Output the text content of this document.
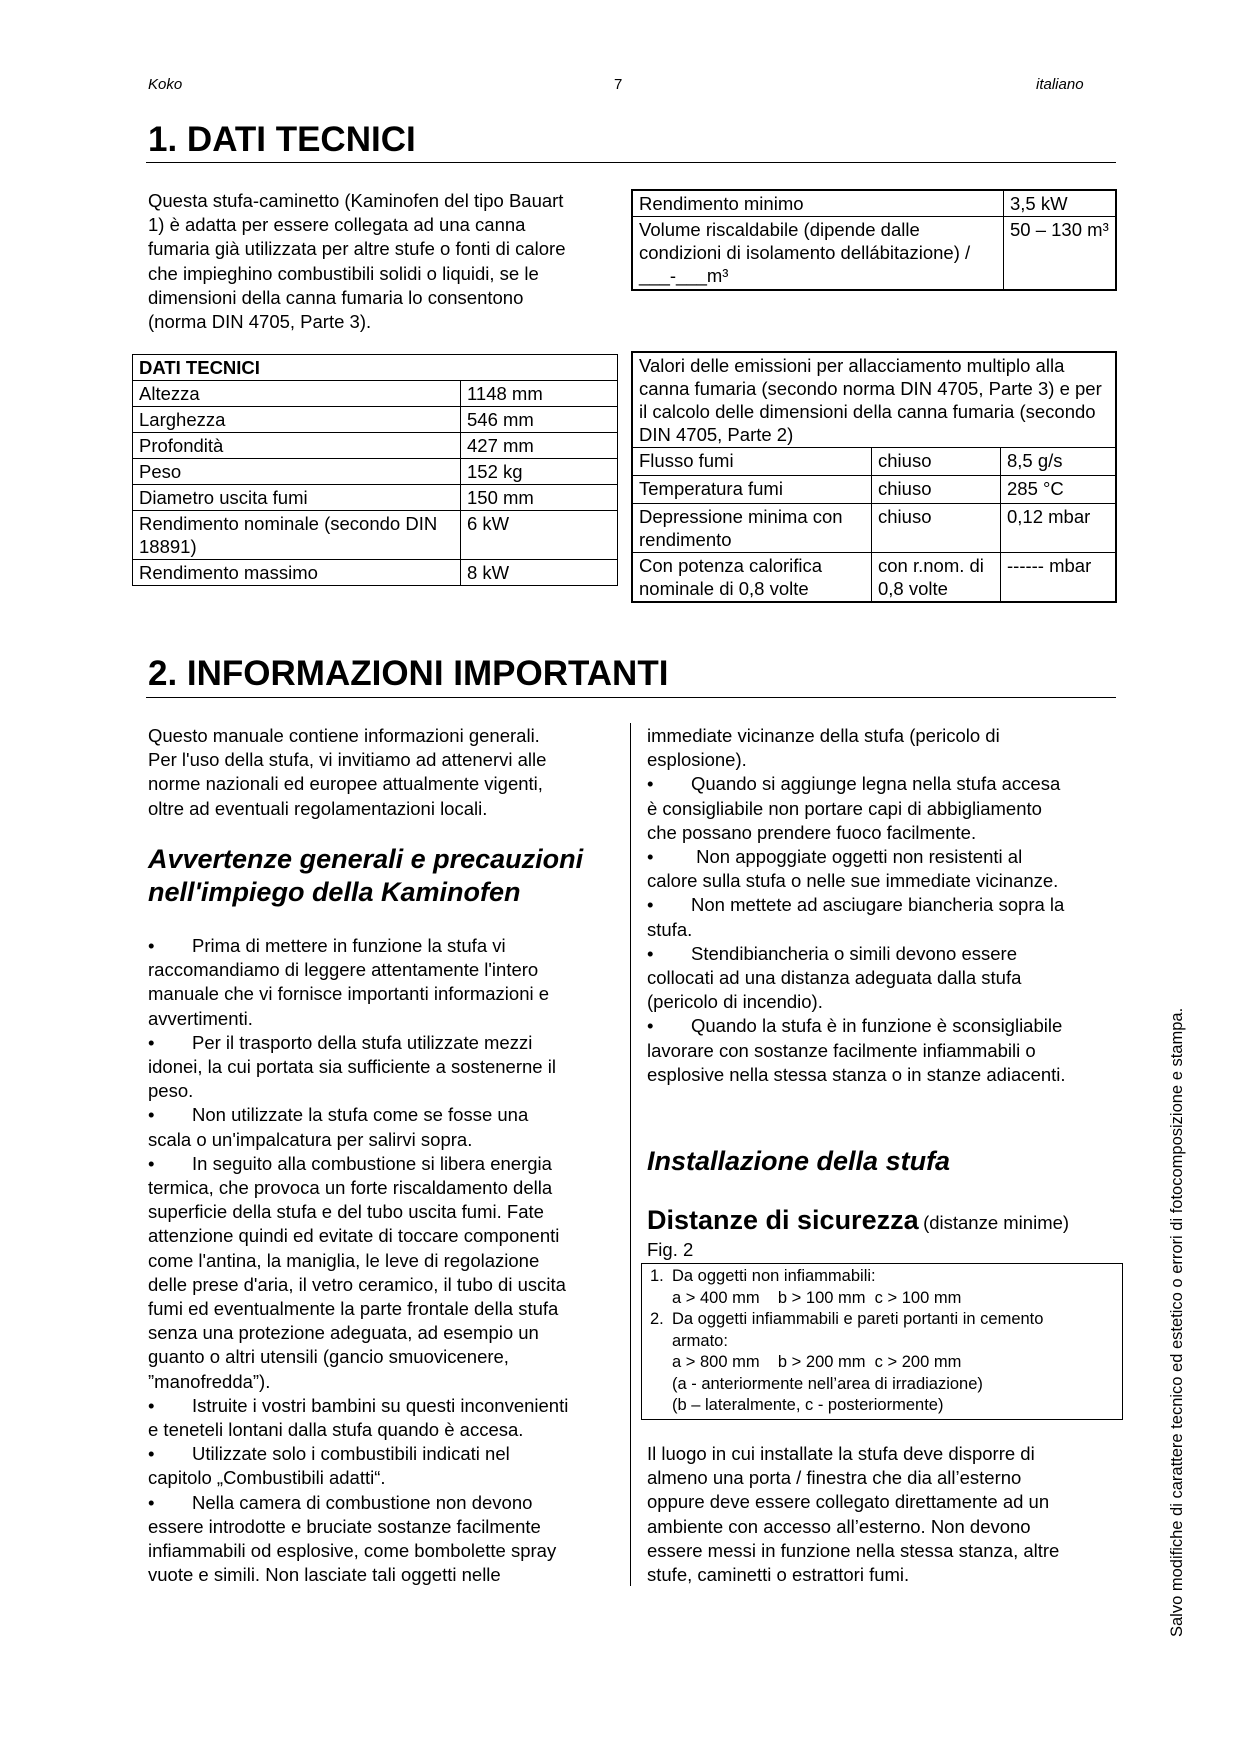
Koko	7	italiano
1. DATI TECNICI
Questa stufa-caminetto (Kaminofen del tipo Bauart
1) è adatta per essere collegata ad una canna
fumaria già utilizzata per altre stufe o fonti di calore
che impieghino combustibili solidi o liquidi, se le
dimensioni della canna fumaria lo consentono
(norma DIN 4705, Parte 3).
DATI TECNICI	
Altezza	1148 mm
Larghezza	546 mm
Profondità	427 mm
Peso	152 kg
Diametro uscita fumi	150 mm
Rendimento nominale (secondo DIN 18891)	6 kW
Rendimento massimo	8 kW
Rendimento minimo	3,5 kW
Volume riscaldabile (dipende dalle condizioni di isolamento dellábitazione) / ___-___m³	50 – 130 m³
Valori delle emissioni per allacciamento multiplo alla canna fumaria (secondo norma DIN 4705, Parte 3) e per il calcolo delle dimensioni della canna fumaria (secondo DIN 4705, Parte 2)		
Flusso fumi	chiuso	8,5 g/s
Temperatura fumi	chiuso	285 °C
Depressione minima con rendimento	chiuso	0,12 mbar
Con potenza calorifica nominale di 0,8 volte	con r.nom. di 0,8 volte	------ mbar
2. INFORMAZIONI IMPORTANTI
Questo manuale contiene informazioni generali.
Per l'uso della stufa, vi invitiamo ad attenervi alle
norme nazionali ed europee attualmente vigenti,
oltre ad eventuali regolamentazioni locali.
Avvertenze generali e precauzioni
nell'impiego della Kaminofen
• Prima di mettere in funzione la stufa vi
raccomandiamo di leggere attentamente l'intero
manuale che vi fornisce importanti informazioni e
avvertimenti.
• Per il trasporto della stufa utilizzate mezzi
idonei, la cui portata sia sufficiente a sostenerne il
peso.
• Non utilizzate la stufa come se fosse una
scala o un'impalcatura per salirvi sopra.
• In seguito alla combustione si libera energia
termica, che provoca un forte riscaldamento della
superficie della stufa e del tubo uscita fumi. Fate
attenzione quindi ed evitate di toccare componenti
come l'antina, la maniglia, le leve di regolazione
delle prese d'aria, il vetro ceramico, il tubo di uscita
fumi ed eventualmente la parte frontale della stufa
senza una protezione adeguata, ad esempio un
guanto o altri utensili (gancio smuovicenere,
”manofredda”).
• Istruite i vostri bambini su questi inconvenienti
e teneteli lontani dalla stufa quando è accesa.
• Utilizzate solo i combustibili indicati nel
capitolo „Combustibili adatti“.
• Nella camera di combustione non devono
essere introdotte e bruciate sostanze facilmente
infiammabili od esplosive, come bombolette spray
vuote e simili. Non lasciate tali oggetti nelle
immediate vicinanze della stufa (pericolo di
esplosione).
• Quando si aggiunge legna nella stufa accesa
è consigliabile non portare capi di abbigliamento
che possano prendere fuoco facilmente.
• Non appoggiate oggetti non resistenti al
calore sulla stufa o nelle sue immediate vicinanze.
• Non mettete ad asciugare biancheria sopra la
stufa.
• Stendibiancheria o simili devono essere
collocati ad una distanza adeguata dalla stufa
(pericolo di incendio).
• Quando la stufa è in funzione è sconsigliabile
lavorare con sostanze facilmente infiammabili o
esplosive nella stessa stanza o in stanze adiacenti.
Installazione della stufa
Distanze di sicurezza (distanze minime)
Fig. 2
1. Da oggetti non infiammabili:
a > 400 mm    b > 100 mm  c > 100 mm
2. Da oggetti infiammabili e pareti portanti in cemento
armato:
a > 800 mm    b > 200 mm  c > 200 mm
(a - anteriormente nell’area di irradiazione)
(b – lateralmente, c - posteriormente)
Il luogo in cui installate la stufa deve disporre di
almeno una porta / finestra che dia all’esterno
oppure deve essere collegato direttamente ad un
ambiente con accesso all’esterno. Non devono
essere messi in funzione nella stessa stanza, altre
stufe, caminetti o estrattori fumi.	Salvo modifiche di carattere tecnico ed estetico o errori di fotocomposizione e stampa.
